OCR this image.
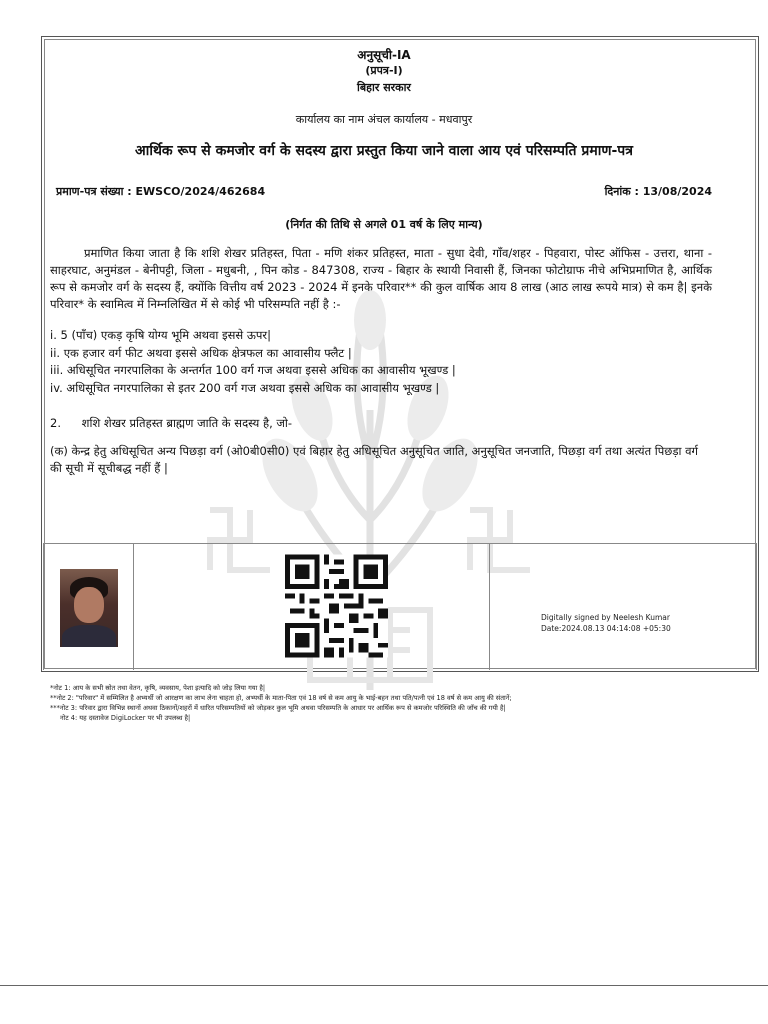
अनुसूची-IA
(प्रपत्र-I)
बिहार सरकार
कार्यालय का नाम अंचल कार्यालय - मधवापुर
आर्थिक रूप से कमजोर वर्ग के सदस्य द्वारा प्रस्तुत किया जाने वाला आय एवं परिसम्पति प्रमाण-पत्र
प्रमाण-पत्र संख्या : EWSCO/2024/462684	दिनांक : 13/08/2024
(निर्गत की तिथि से अगले 01 वर्ष के लिए मान्य)
प्रमाणित किया जाता है कि शशि शेखर प्रतिहस्त, पिता - मणि शंकर प्रतिहस्त, माता - सुधा देवी, गाँव/शहर - पिहवारा, पोस्ट ऑफिस - उत्तरा, थाना - साहरघाट, अनुमंडल - बेनीपट्टी, जिला - मधुबनी, , पिन कोड - 847308, राज्य - बिहार के स्थायी निवासी हैं, जिनका फोटोग्राफ नीचे अभिप्रमाणित है, आर्थिक रूप से कमजोर वर्ग के सदस्य हैं, क्योंकि वित्तीय वर्ष 2023 - 2024 में इनके परिवार** की कुल वार्षिक आय 8 लाख (आठ लाख रूपये मात्र) से कम है| इनके परिवार* के स्वामित्व में निम्नलिखित में से कोई भी परिसम्पति नहीं है :-
i. 5 (पाँच) एकड़ कृषि योग्य भूमि अथवा इससे ऊपर|
ii. एक हजार वर्ग फीट अथवा इससे अधिक क्षेत्रफल का आवासीय फ्लैट |
iii. अधिसूचित नगरपालिका के अन्तर्गत 100 वर्ग गज अथवा इससे अधिक का आवासीय भूखण्ड |
iv. अधिसूचित नगरपालिका से इतर 200 वर्ग गज अथवा इससे अधिक का आवासीय भूखण्ड |
2. शशि शेखर प्रतिहस्त ब्राह्मण जाति के सदस्य है, जो-
(क) केन्द्र हेतु अधिसूचित अन्य पिछड़ा वर्ग (ओ0बी0सी0) एवं बिहार हेतु अधिसूचित अनुसूचित जाति, अनुसूचित जनजाति, पिछड़ा वर्ग तथा अत्यंत पिछड़ा वर्ग की सूची में सूचीबद्ध नहीं हैं |
Digitally signed by Neelesh Kumar
Date:2024.08.13 04:14:08 +05:30
*नोट 1: आय के सभी स्रोत तथा वेतन, कृषि, व्यवसाय, पेशा इत्यादि को जोड़ लिया गया है|
**नोट 2: "परिवार" में सम्मिलित है अभ्यर्थी जो आरक्षण का लाभ लेना चाहता हो, अभ्यर्थी के माता-पिता एवं 18 वर्ष से कम आयु के भाई-बहन तथा पति/पत्नी एवं 18 वर्ष से कम आयु की संतानें;
***नोट 3: परिवार द्वारा विभिन्न स्थानों अथवा ठिकानों/शहरों में धारित परिसम्पतियों को जोड़कर कुल भूमि अथवा परिसम्पति के आधार पर आर्थिक रूप से कमजोर परिस्थिति की जाँच की गयी है|
नोट 4: यह दस्तावेज DigiLocker पर भी उपलब्ध है|
